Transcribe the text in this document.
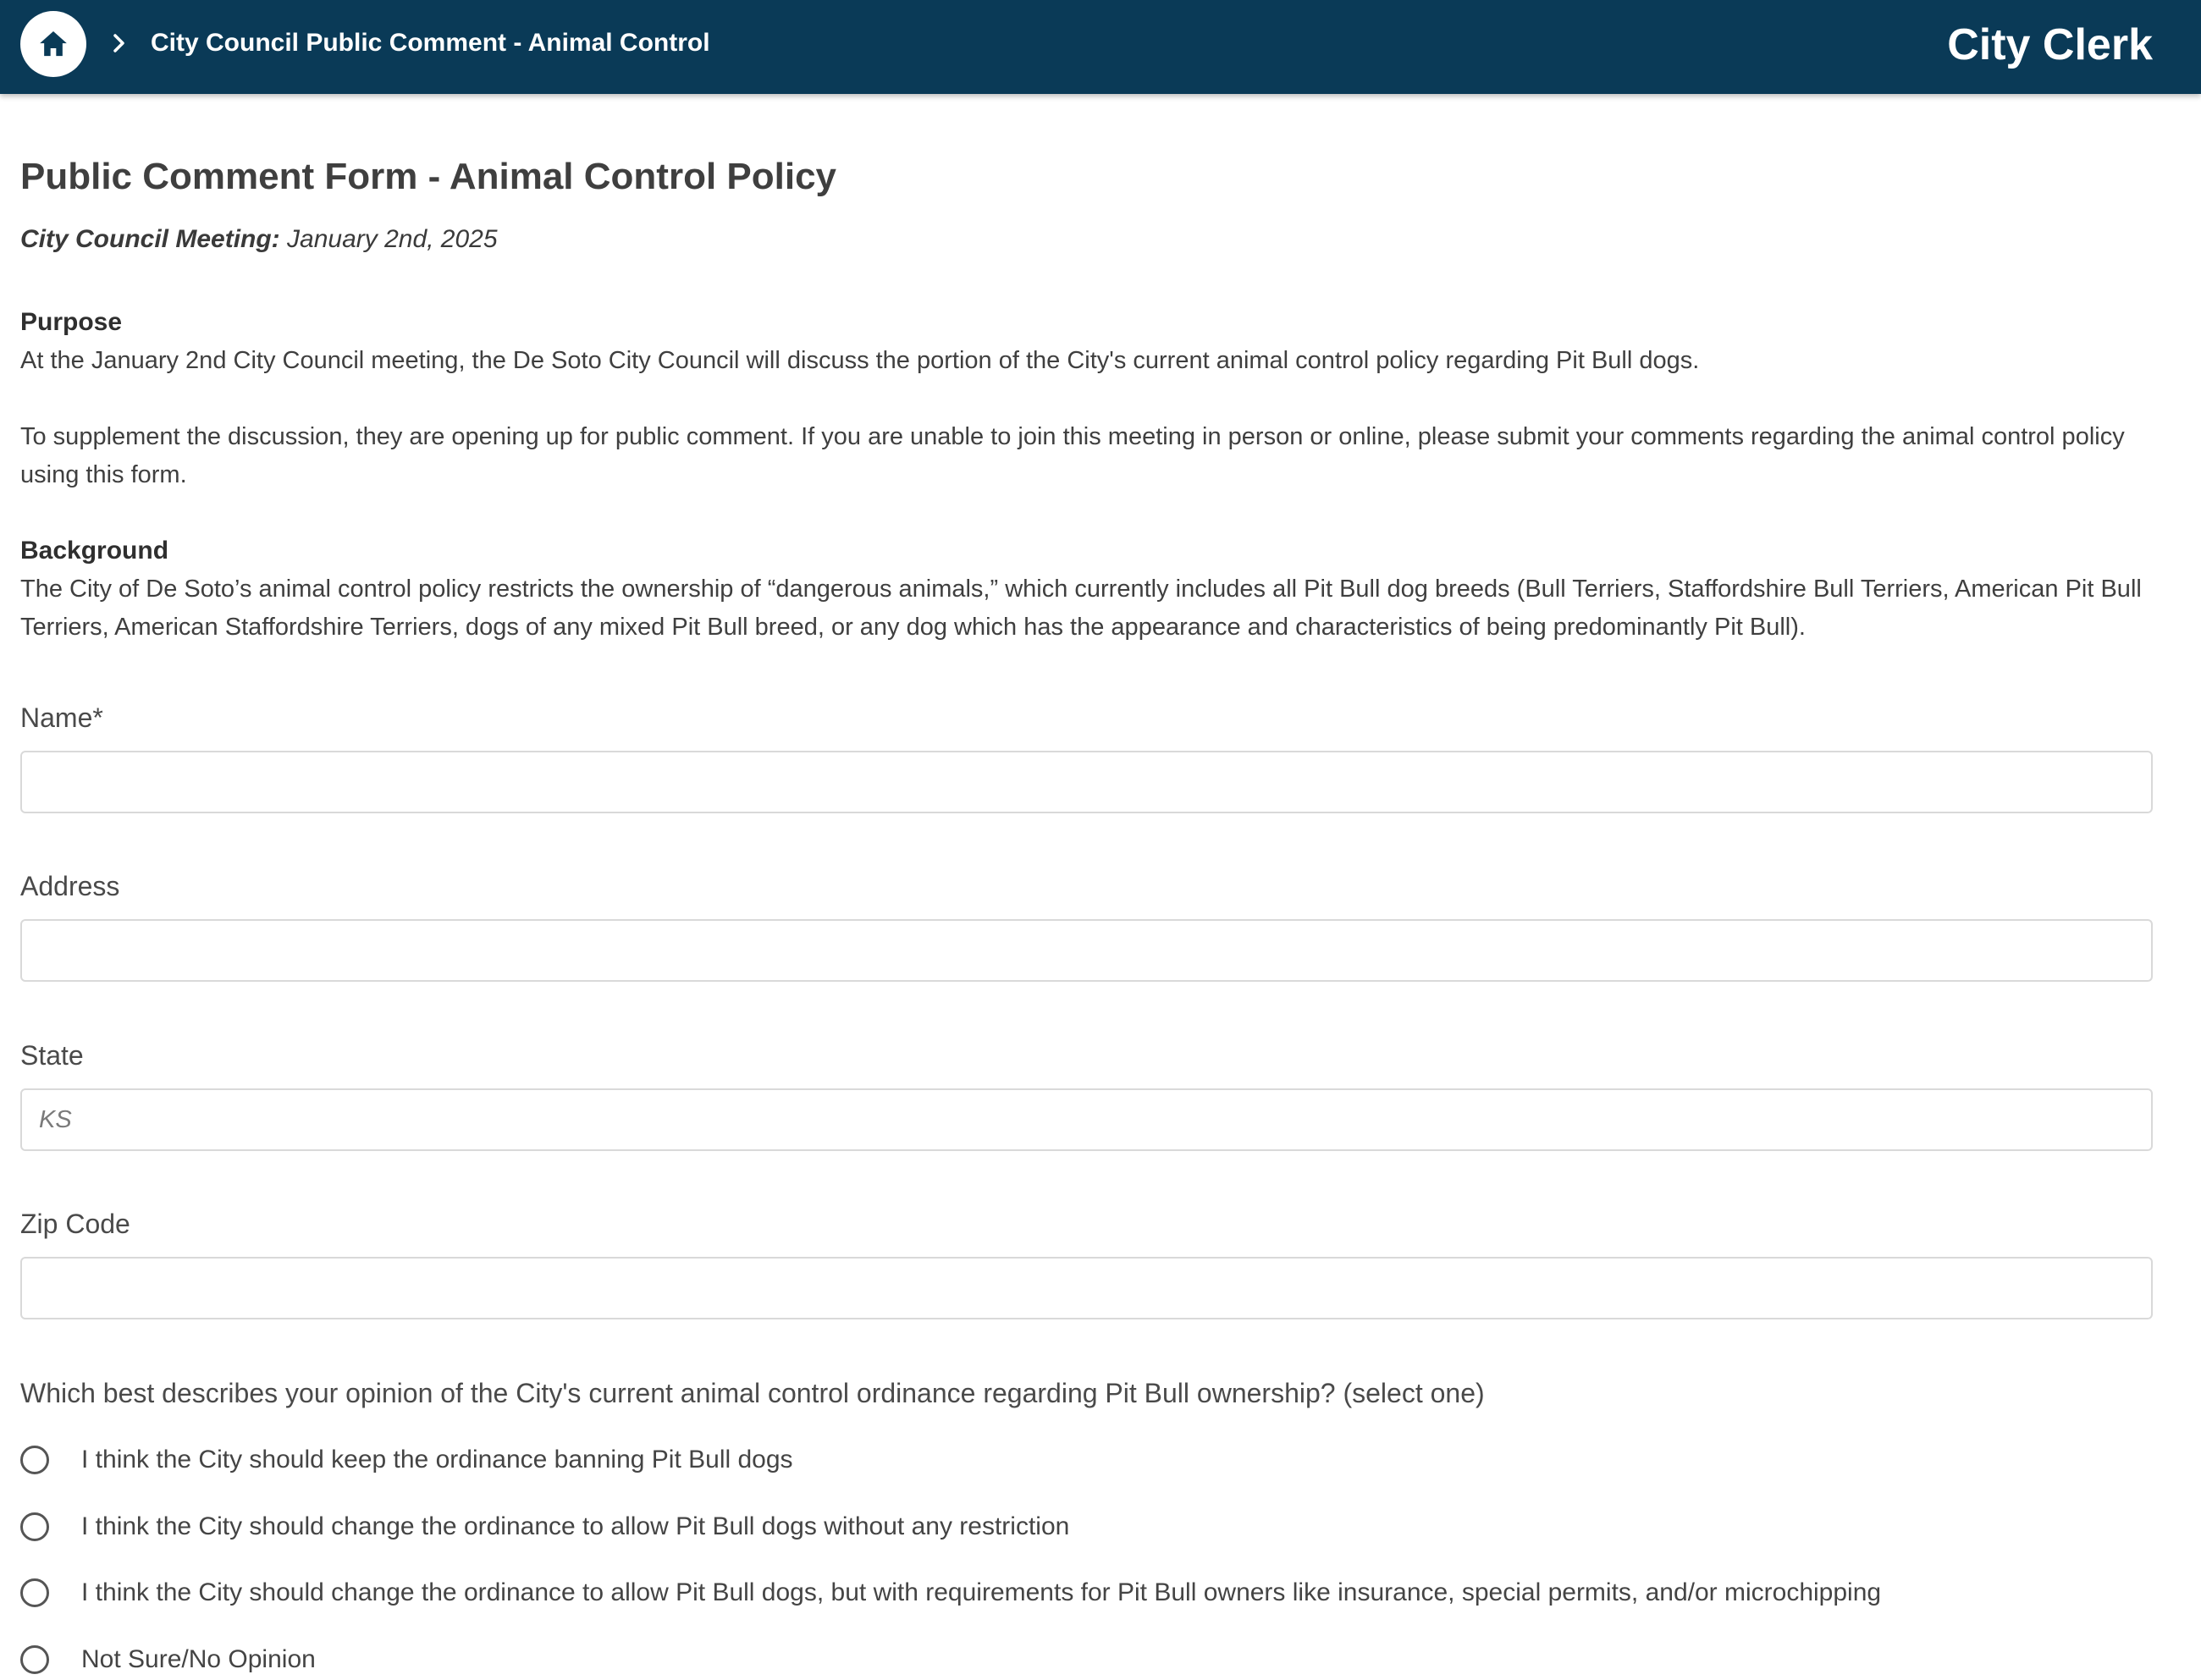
City Council Public Comment - Animal Control	City Clerk
Public Comment Form - Animal Control Policy
City Council Meeting: January 2nd, 2025
Purpose

At the January 2nd City Council meeting, the De Soto City Council will discuss the portion of the City's current animal control policy regarding Pit Bull dogs.

To supplement the discussion, they are opening up for public comment. If you are unable to join this meeting in person or online, please submit your comments regarding the animal control policy using this form.

Background

The City of De Soto’s animal control policy restricts the ownership of “dangerous animals,” which currently includes all Pit Bull dog breeds (Bull Terriers, Staffordshire Bull Terriers, American Pit Bull Terriers, American Staffordshire Terriers, dogs of any mixed Pit Bull breed, or any dog which has the appearance and characteristics of being predominantly Pit Bull).

Name*
Address
State
KS
Zip Code
Which best describes your opinion of the City's current animal control ordinance regarding Pit Bull ownership? (select one)
I think the City should keep the ordinance banning Pit Bull dogs
I think the City should change the ordinance to allow Pit Bull dogs without any restriction
I think the City should change the ordinance to allow Pit Bull dogs, but with requirements for Pit Bull owners like insurance, special permits, and/or microchipping
Not Sure/No Opinion
